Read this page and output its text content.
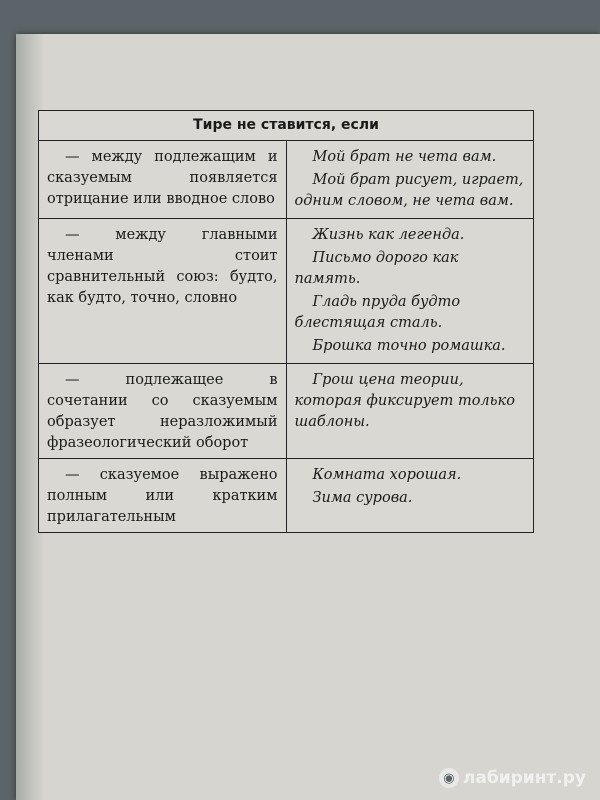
Тире не ставится, если	
— между подлежащим и сказуемым появляется отрицание или вводное слово	Мой брат не чета вам.
Мой брат рисует, играет, одним словом, не чета вам.

— между главными членами стоит сравнительный союз: будто, как будто, точно, словно	Жизнь как легенда.
Письмо дорого как память.
Гладь пруда будто блестящая сталь.
Брошка точно ромашка.

— подлежащее в сочетании со сказуемым образует неразложимый фразеологический оборот	Грош цена теории, которая фиксирует только шаблоны.

— сказуемое выражено полным или кратким прилагательным	Комната хорошая.
Зима сурова.
◉ лабиринт.ру
